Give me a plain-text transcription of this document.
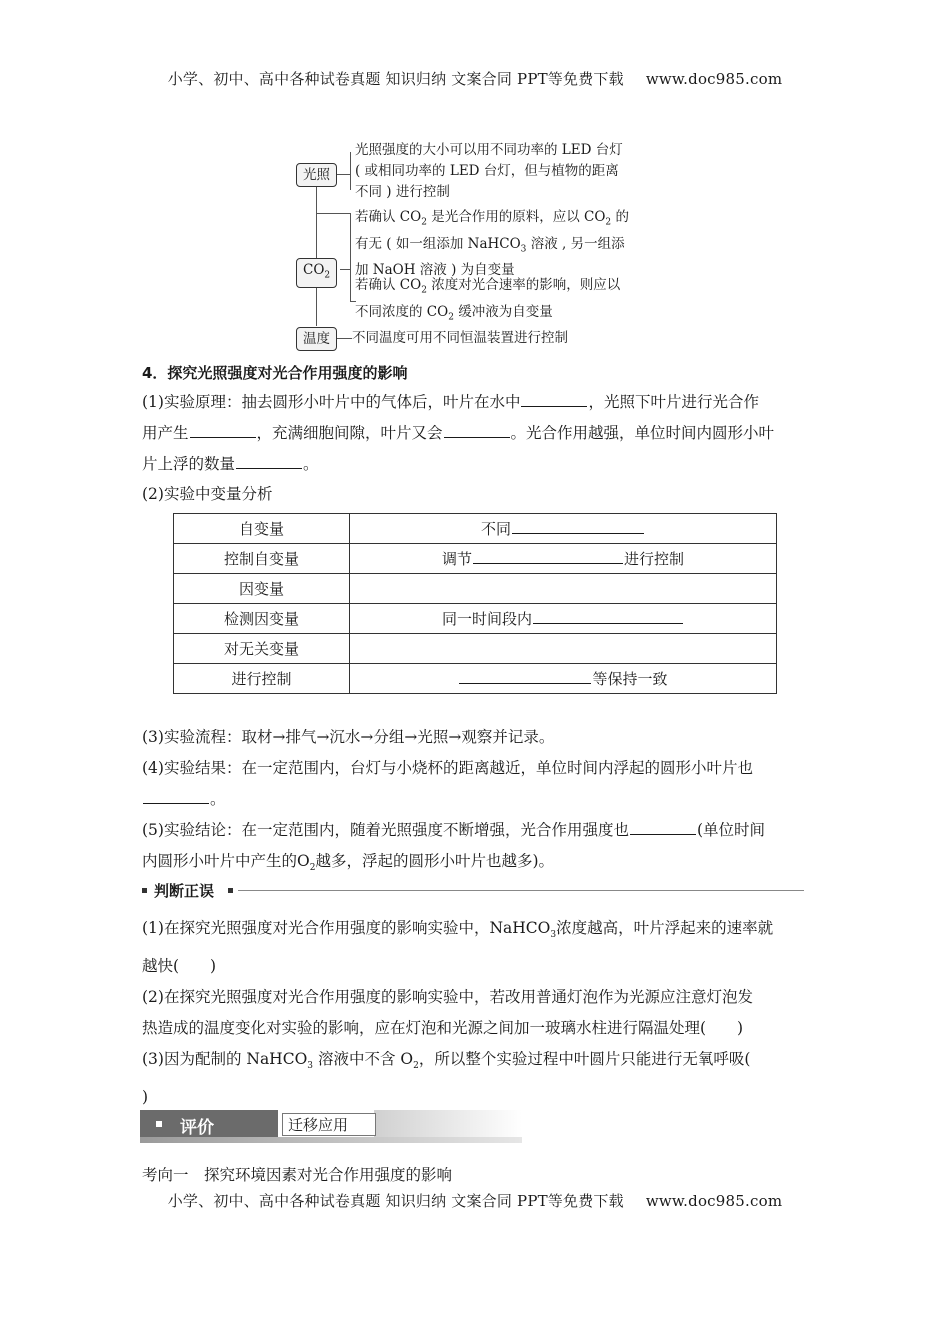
小学、初中、高中各种试卷真题 知识归纳 文案合同 PPT等免费下载 www.doc985.com
光照
$CO_2$
温度
光照强度的大小可以用不同功率的 LED 台灯
( 或相同功率的 LED 台灯，但与植物的距离
不同 ) 进行控制
若确认 $CO_2$ 是光合作用的原料，应以 $CO_2$ 的
有无 ( 如一组添加 NaHCO$_3$ 溶液 , 另一组添
加 NaOH 溶液 ) 为自变量
若确认 $CO_2$ 浓度对光合速率的影响，则应以
不同浓度的 $CO_2$ 缓冲液为自变量
不同温度可用不同恒温装置进行控制
4．探究光照强度对光合作用强度的影响
(1)实验原理：抽去圆形小叶片中的气体后，叶片在水中	，光照下叶片进行光合作
用产生	，充满细胞间隙，叶片又会	。光合作用越强，单位时间内圆形小叶
片上浮的数量	。
(2)实验中变量分析
自变量	不同
控制自变量	调节 进行控制
因变量	
检测因变量	同一时间段内
对无关变量	
进行控制	等保持一致
(3)实验流程：取材→排气→沉水→分组→光照→观察并记录。
(4)实验结果：在一定范围内，台灯与小烧杯的距离越近，单位时间内浮起的圆形小叶片也
。
(5)实验结论：在一定范围内，随着光照强度不断增强，光合作用强度也	(单位时间
内圆形小叶片中产生的$O_2$越多，浮起的圆形小叶片也越多)。
判断正误
(1)在探究光照强度对光合作用强度的影响实验中，NaHCO$_3$浓度越高，叶片浮起来的速率就
越快(　　)
(2)在探究光照强度对光合作用强度的影响实验中，若改用普通灯泡作为光源应注意灯泡发
热造成的温度变化对实验的影响，应在灯泡和光源之间加一玻璃水柱进行隔温处理(　　)
(3)因为配制的 NaHCO$_3$ 溶液中不含 $O_2$，所以整个实验过程中叶圆片只能进行无氧呼吸(
)
评价	迁移应用
考向一　探究环境因素对光合作用强度的影响
小学、初中、高中各种试卷真题 知识归纳 文案合同 PPT等免费下载 www.doc985.com
